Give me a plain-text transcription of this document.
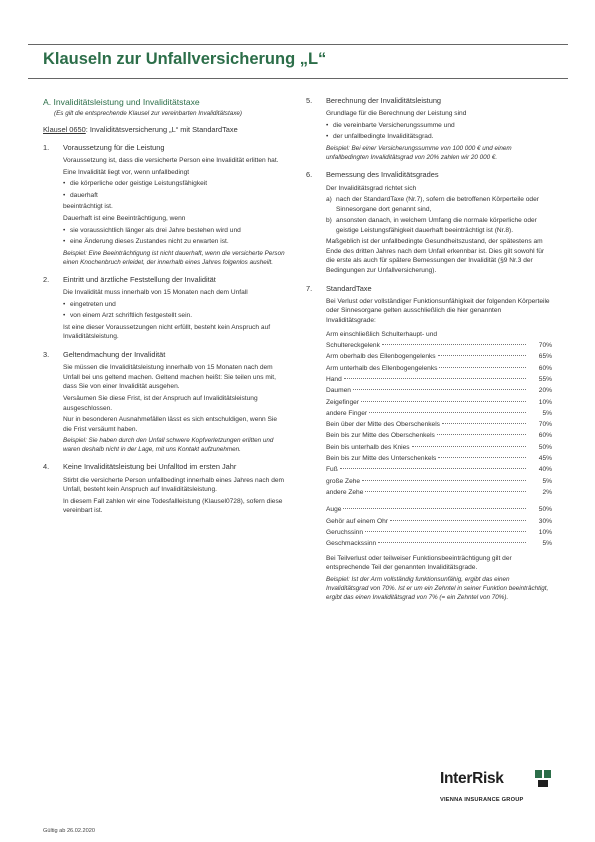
Klauseln zur Unfallversicherung „L“
A. Invaliditätsleistung und Invaliditätstaxe
(Es gilt die entsprechende Klausel zur vereinbarten Invaliditätstaxe)
Klausel 0650: Invaliditätsversicherung „L“ mit StandardTaxe
1. Voraussetzung für die Leistung

Voraussetzung ist, dass die versicherte Person eine Invalidität erlitten hat.

Eine Invalidität liegt vor, wenn unfallbedingt

• die körperliche oder geistige Leistungsfähigkeit

• dauerhaft

beeinträchtigt ist.

Dauerhaft ist eine Beeinträchtigung, wenn

• sie voraussichtlich länger als drei Jahre bestehen wird und

• eine Änderung dieses Zustandes nicht zu erwarten ist.

Beispiel: Eine Beeinträchtigung ist nicht dauerhaft, wenn die versicherte Person einen Knochenbruch erleidet, der innerhalb eines Jahres folgenlos ausheilt.

2. Eintritt und ärztliche Feststellung der Invalidität

Die Invalidität muss innerhalb von 15 Monaten nach dem Unfall

• eingetreten und

• von einem Arzt schriftlich festgestellt sein.

Ist eine dieser Voraussetzungen nicht erfüllt, besteht kein Anspruch auf Invaliditätsleistung.

3. Geltendmachung der Invalidität

Sie müssen die Invaliditätsleistung innerhalb von 15 Monaten nach dem Unfall bei uns geltend machen. Geltend machen heißt: Sie teilen uns mit, dass Sie von einer Invalidität ausgehen.

Versäumen Sie diese Frist, ist der Anspruch auf Invaliditätsleistung ausgeschlossen.

Nur in besonderen Ausnahmefällen lässt es sich entschuldigen, wenn Sie die Frist versäumt haben.

Beispiel: Sie haben durch den Unfall schwere Kopfverletzungen erlitten und waren deshalb nicht in der Lage, mit uns Kontakt aufzunehmen.

4. Keine Invaliditätsleistung bei Unfalltod im ersten Jahr

Stirbt die versicherte Person unfallbedingt innerhalb eines Jahres nach dem Unfall, besteht kein Anspruch auf Invaliditätsleistung.

In diesem Fall zahlen wir eine Todesfallleistung (Klausel0728), sofern diese vereinbart ist.

5. Berechnung der Invaliditätsleistung

Grundlage für die Berechnung der Leistung sind

• die vereinbarte Versicherungssumme und

• der unfallbedingte Invaliditätsgrad.

Beispiel: Bei einer Versicherungssumme von 100 000 € und einem unfallbedingten Invaliditätsgrad von 20% zahlen wir 20 000 €.

6. Bemessung des Invaliditätsgrades

Der Invaliditätsgrad richtet sich

a) nach der StandardTaxe (Nr.7), sofern die betroffenen Körperteile oder Sinnesorgane dort genannt sind,
b) ansonsten danach, in welchem Umfang die normale körperliche oder geistige Leistungsfähigkeit dauerhaft beeinträchtigt ist (Nr.8).

Maßgeblich ist der unfallbedingte Gesundheitszustand, der spätestens am Ende des dritten Jahres nach dem Unfall erkennbar ist. Dies gilt sowohl für die erste als auch für spätere Bemessungen der Invalidität (§9 Nr.3 der Bedingungen zur Unfallversicherung).

7. StandardTaxe

Bei Verlust oder vollständiger Funktionsunfähigkeit der folgenden Körperteile oder Sinnesorgane gelten ausschließlich die hier genannten Invaliditätsgrade:

Arm einschließlich Schulterhaupt- und
Schultereckgelenk	70%
Arm oberhalb des Ellenbogengelenks	65%
Arm unterhalb des Ellenbogengelenks	60%
Hand	55%
Daumen	20%
Zeigefinger	10%
andere Finger	5%
Bein über der Mitte des Oberschenkels	70%
Bein bis zur Mitte des Oberschenkels	60%
Bein bis unterhalb des Knies	50%
Bein bis zur Mitte des Unterschenkels	45%
Fuß	40%
große Zehe	5%
andere Zehe	2%
Auge	50%
Gehör auf einem Ohr	30%
Geruchssinn	10%
Geschmackssinn	5%

Bei Teilverlust oder teilweiser Funktionsbeeinträchtigung gilt der entsprechende Teil der genannten Invaliditätsgrade.

Beispiel: Ist der Arm vollständig funktionsunfähig, ergibt das einen Invaliditätsgrad von 70%. Ist er um ein Zehntel in seiner Funktion beeinträchtigt, ergibt das einen Invaliditätsgrad von 7% (= ein Zehntel von 70%).

InterRisk
VIENNA INSURANCE GROUP
Gültig ab 26.02.2020
